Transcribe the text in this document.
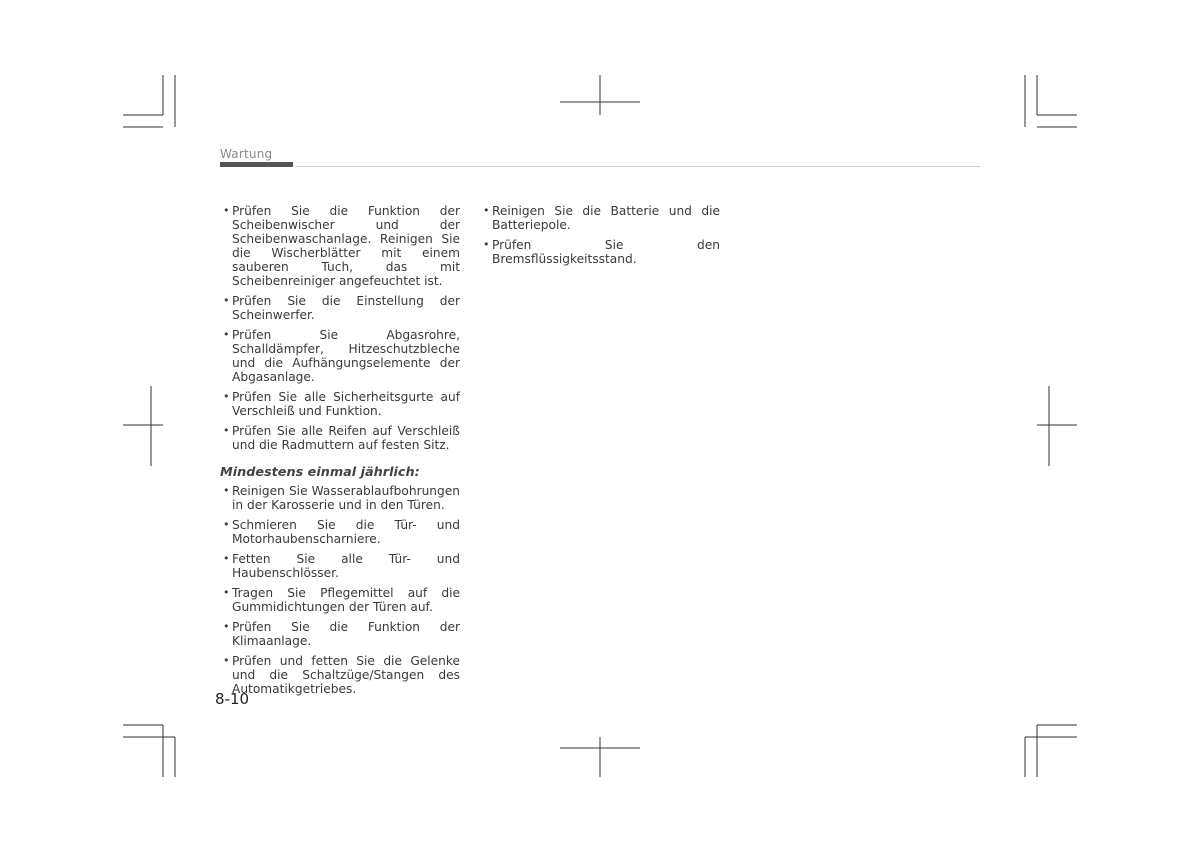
Wartung
• Prüfen Sie die Funktion der Scheibenwischer und der Scheibenwaschanlage. Reinigen Sie die Wischerblätter mit einem sauberen Tuch, das mit Scheibenreiniger angefeuchtet ist.
• Prüfen Sie die Einstellung der Scheinwerfer.
• Prüfen Sie Abgasrohre, Schalldämpfer, Hitzeschutzbleche und die Aufhängungselemente der Abgasanlage.
• Prüfen Sie alle Sicherheitsgurte auf Verschleiß und Funktion.
• Prüfen Sie alle Reifen auf Verschleiß und die Radmuttern auf festen Sitz.
Mindestens einmal jährlich:
• Reinigen Sie Wasserablaufbohrungen in der Karosserie und in den Türen.
• Schmieren Sie die Tür- und Motorhaubenscharniere.
• Fetten Sie alle Tür- und Haubenschlösser.
• Tragen Sie Pflegemittel auf die Gummidichtungen der Türen auf.
• Prüfen Sie die Funktion der Klimaanlage.
• Prüfen und fetten Sie die Gelenke und die Schaltzüge/Stangen des Automatikgetriebes.
• Reinigen Sie die Batterie und die Batteriepole.
• Prüfen Sie den Bremsflüssigkeitsstand.
8-10
